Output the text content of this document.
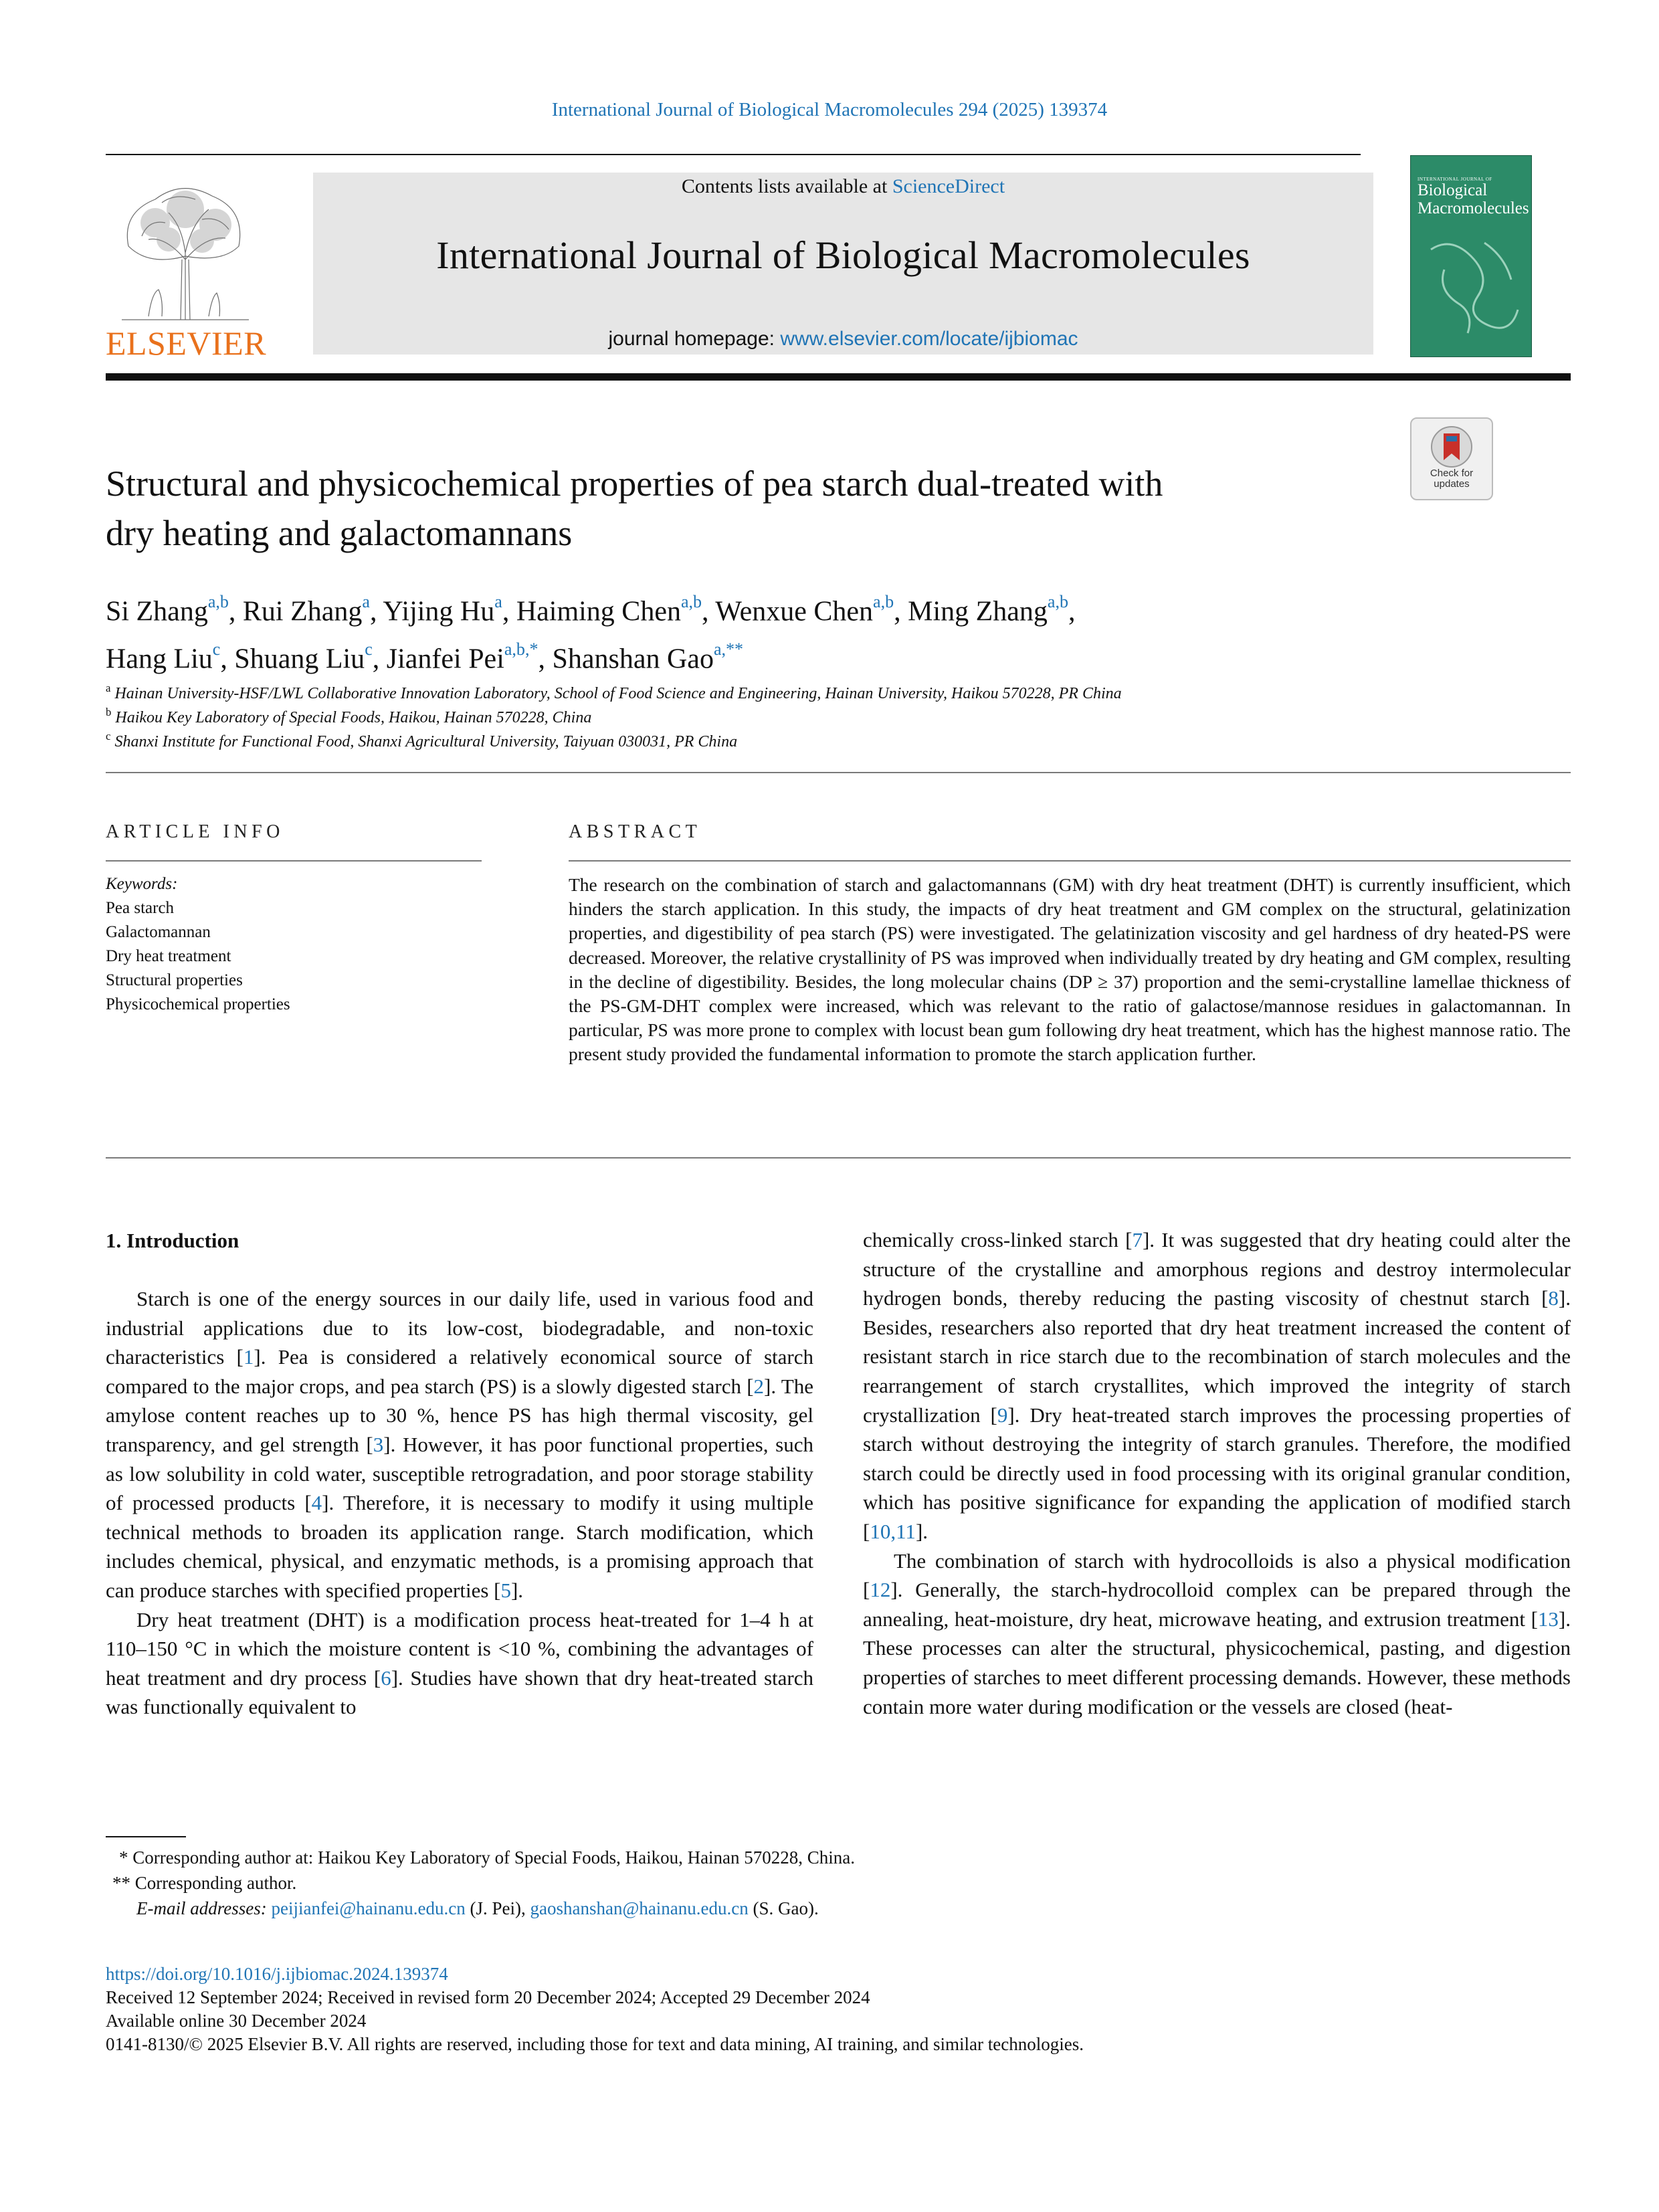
International Journal of Biological Macromolecules 294 (2025) 139374
ELSEVIER
Contents lists available at ScienceDirect
International Journal of Biological Macromolecules
journal homepage: www.elsevier.com/locate/ijbiomac
INTERNATIONAL JOURNAL OF
Biological
Macromolecules
Check for updates
Structural and physicochemical properties of pea starch dual-treated with
dry heating and galactomannans
Si Zhang$^{a,b}$, Rui Zhang$^a$, Yijing Hu$^a$, Haiming Chen$^{a,b}$, Wenxue Chen$^{a,b}$, Ming Zhang$^{a,b}$,
Hang Liu$^c$, Shuang Liu$^c$, Jianfei Pei$^{a,b,*}$, Shanshan Gao$^{a,**}$
$^a$ Hainan University-HSF/LWL Collaborative Innovation Laboratory, School of Food Science and Engineering, Hainan University, Haikou 570228, PR China
$^b$ Haikou Key Laboratory of Special Foods, Haikou, Hainan 570228, China
$^c$ Shanxi Institute for Functional Food, Shanxi Agricultural University, Taiyuan 030031, PR China
ARTICLE INFO
Keywords:
Pea starch
Galactomannan
Dry heat treatment
Structural properties
Physicochemical properties
ABSTRACT
The research on the combination of starch and galactomannans (GM) with dry heat treatment (DHT) is currently insufficient, which hinders the starch application. In this study, the impacts of dry heat treatment and GM complex on the structural, gelatinization properties, and digestibility of pea starch (PS) were investigated. The gelatinization viscosity and gel hardness of dry heated-PS were decreased. Moreover, the relative crystallinity of PS was improved when individually treated by dry heating and GM complex, resulting in the decline of digestibility. Besides, the long molecular chains (DP ≥ 37) proportion and the semi-crystalline lamellae thickness of the PS-GM-DHT complex were increased, which was relevant to the ratio of galactose/mannose residues in galactomannan. In particular, PS was more prone to complex with locust bean gum following dry heat treatment, which has the highest mannose ratio. The present study provided the fundamental information to promote the starch application further.
1. Introduction

Starch is one of the energy sources in our daily life, used in various food and industrial applications due to its low-cost, biodegradable, and non-toxic characteristics [1]. Pea is considered a relatively economical source of starch compared to the major crops, and pea starch (PS) is a slowly digested starch [2]. The amylose content reaches up to 30 %, hence PS has high thermal viscosity, gel transparency, and gel strength [3]. However, it has poor functional properties, such as low solubility in cold water, susceptible retrogradation, and poor storage stability of processed products [4]. Therefore, it is necessary to modify it using multiple technical methods to broaden its application range. Starch modification, which includes chemical, physical, and enzymatic methods, is a promising approach that can produce starches with specified properties [5].

Dry heat treatment (DHT) is a modification process heat-treated for 1–4 h at 110–150 °C in which the moisture content is <10 %, combining the advantages of heat treatment and dry process [6]. Studies have shown that dry heat-treated starch was functionally equivalent to

chemically cross-linked starch [7]. It was suggested that dry heating could alter the structure of the crystalline and amorphous regions and destroy intermolecular hydrogen bonds, thereby reducing the pasting viscosity of chestnut starch [8]. Besides, researchers also reported that dry heat treatment increased the content of resistant starch in rice starch due to the recombination of starch molecules and the rearrangement of starch crystallites, which improved the integrity of starch crystallization [9]. Dry heat-treated starch improves the processing properties of starch without destroying the integrity of starch granules. Therefore, the modified starch could be directly used in food processing with its original granular condition, which has positive significance for expanding the application of modified starch [10,11].

The combination of starch with hydrocolloids is also a physical modification [12]. Generally, the starch-hydrocolloid complex can be prepared through the annealing, heat-moisture, dry heat, microwave heating, and extrusion treatment [13]. These processes can alter the structural, physicochemical, pasting, and digestion properties of starches to meet different processing demands. However, these methods contain more water during modification or the vessels are closed (heat-

* Corresponding author at: Haikou Key Laboratory of Special Foods, Haikou, Hainan 570228, China.
** Corresponding author.
E-mail addresses: peijianfei@hainanu.edu.cn (J. Pei), gaoshanshan@hainanu.edu.cn (S. Gao).
https://doi.org/10.1016/j.ijbiomac.2024.139374
Received 12 September 2024; Received in revised form 20 December 2024; Accepted 29 December 2024
Available online 30 December 2024
0141-8130/© 2025 Elsevier B.V. All rights are reserved, including those for text and data mining, AI training, and similar technologies.
